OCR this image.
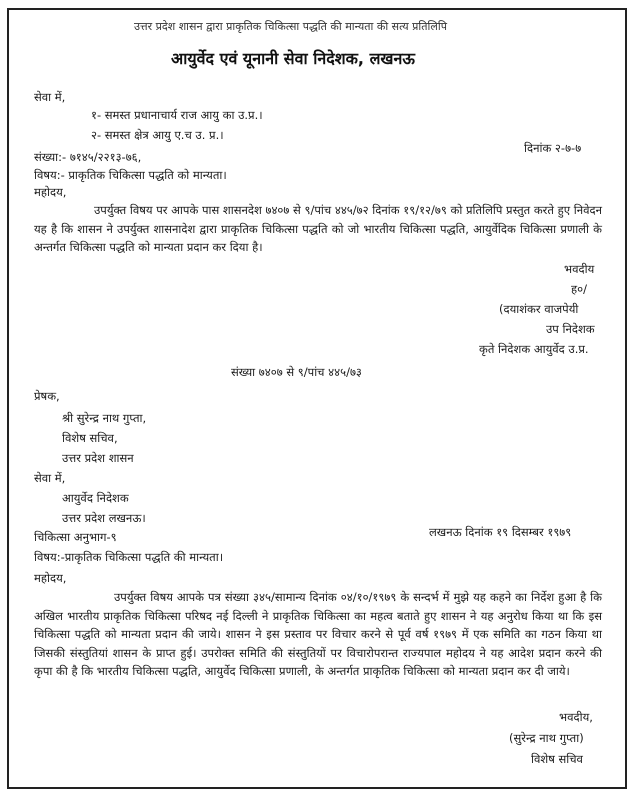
उत्तर प्रदेश शासन द्वारा प्राकृतिक चिकित्सा पद्धति की मान्यता की सत्य प्रतिलिपि
आयुर्वेद एवं यूनानी सेवा निदेशक, लखनऊ
सेवा में,
१- समस्त प्रधानाचार्य राज आयु का उ.प्र.।
२- समस्त क्षेत्र आयु ए.च उ. प्र.।
संख्या:- ७१४५/२२१३-७६,
दिनांक २-७-७
विषय:- प्राकृतिक चिकित्सा पद्धति को मान्यता।
महोदय,
उपर्युक्त विषय पर आपके पास शासनदेश ७४०७ से ९/पांच ४४५/७२ दिनांक १९/१२/७९ को प्रतिलिपि प्रस्तुत करते हुए निवेदन यह है कि शासन ने उपर्युक्त शासनादेश द्वारा प्राकृतिक चिकित्सा पद्धति को जो भारतीय चिकित्सा पद्धति, आयुर्वेदिक चिकित्सा प्रणाली के अन्तर्गत चिकित्सा पद्धति को मान्यता प्रदान कर दिया है।
भवदीय
ह०/
(दयाशंकर वाजपेयी
उप निदेशक
कृते निदेशक आयुर्वेद उ.प्र.
संख्या ७४०७ से ९/पांच ४४५/७३
प्रेषक,
श्री सुरेन्द्र नाथ गुप्ता,
विशेष सचिव,
उत्तर प्रदेश शासन
सेवा में,
आयुर्वेद निदेशक
उत्तर प्रदेश लखनऊ।
चिकित्सा अनुभाग-९	लखनऊ दिनांक १९ दिसम्बर १९७९
विषय:-प्राकृतिक चिकित्सा पद्धति की मान्यता।
महोदय,
उपर्युक्त विषय आपके पत्र संख्या ३४५/सामान्य दिनांक ०४/१०/१९७९ के सन्दर्भ में मुझे यह कहने का निर्देश हुआ है कि अखिल भारतीय प्राकृतिक चिकित्सा परिषद नई दिल्ली ने प्राकृतिक चिकित्सा का महत्व बताते हुए शासन ने यह अनुरोध किया था कि इस चिकित्सा पद्धति को मान्यता प्रदान की जाये। शासन ने इस प्रस्ताव पर विचार करने से पूर्व वर्ष १९७९ में एक समिति का गठन किया था जिसकी संस्तुतियां शासन के प्राप्त हुई। उपरोक्त समिति की संस्तुतियों पर विचारोपरान्त राज्यपाल महोदय ने यह आदेश प्रदान करने की कृपा की है कि भारतीय चिकित्सा पद्धति, आयुर्वेद चिकित्सा प्रणाली, के अन्तर्गत प्राकृतिक चिकित्सा को मान्यता प्रदान कर दी जाये।
भवदीय,
(सुरेन्द्र नाथ गुप्ता)
विशेष सचिव
